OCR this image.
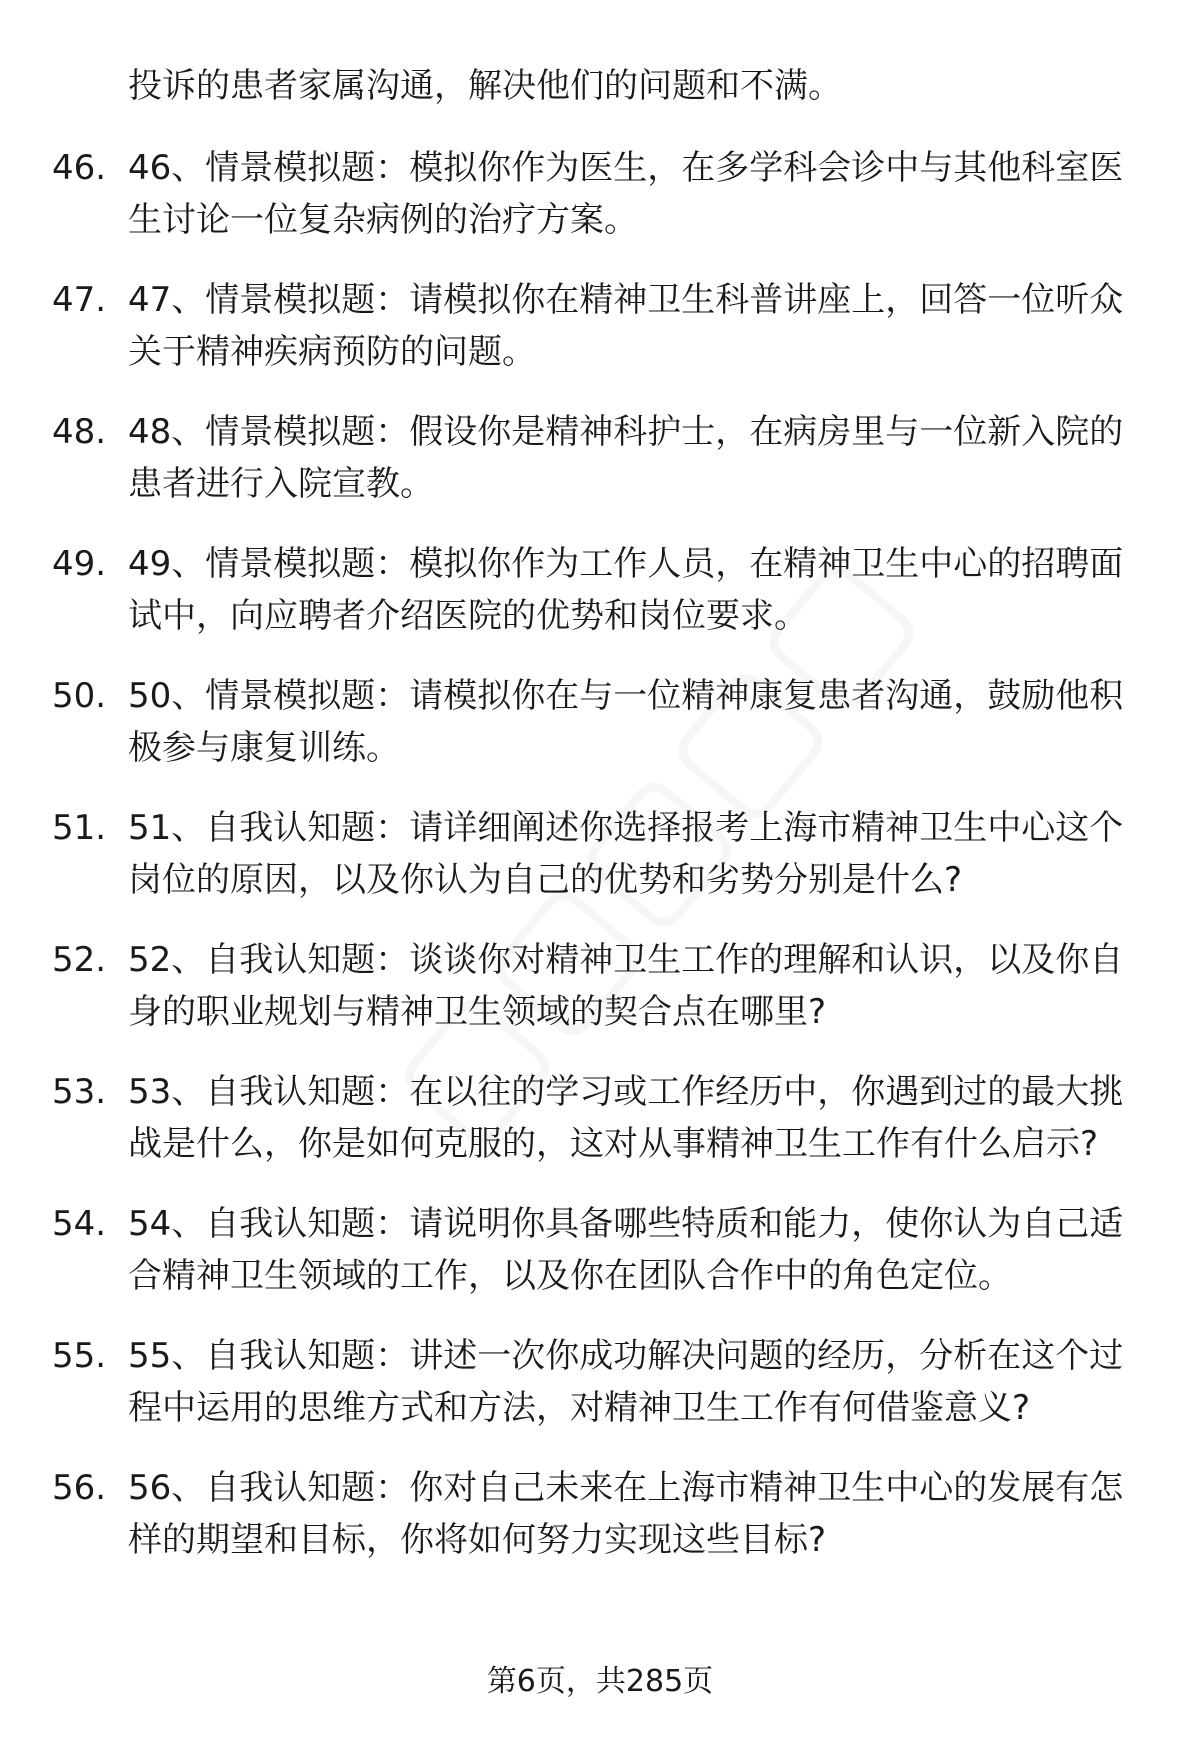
投诉的患者家属沟通，解决他们的问题和不满。
46. 46、情景模拟题：模拟你作为医生，在多学科会诊中与其他科室医生讨论一位复杂病例的治疗方案。
47. 47、情景模拟题：请模拟你在精神卫生科普讲座上，回答一位听众关于精神疾病预防的问题。
48. 48、情景模拟题：假设你是精神科护士，在病房里与一位新入院的患者进行入院宣教。
49. 49、情景模拟题：模拟你作为工作人员，在精神卫生中心的招聘面试中，向应聘者介绍医院的优势和岗位要求。
50. 50、情景模拟题：请模拟你在与一位精神康复患者沟通，鼓励他积极参与康复训练。
51. 51、自我认知题：请详细阐述你选择报考上海市精神卫生中心这个岗位的原因，以及你认为自己的优势和劣势分别是什么?
52. 52、自我认知题：谈谈你对精神卫生工作的理解和认识，以及你自身的职业规划与精神卫生领域的契合点在哪里?
53. 53、自我认知题：在以往的学习或工作经历中，你遇到过的最大挑战是什么，你是如何克服的，这对从事精神卫生工作有什么启示?
54. 54、自我认知题：请说明你具备哪些特质和能力，使你认为自己适合精神卫生领域的工作，以及你在团队合作中的角色定位。
55. 55、自我认知题：讲述一次你成功解决问题的经历，分析在这个过程中运用的思维方式和方法，对精神卫生工作有何借鉴意义?
56. 56、自我认知题：你对自己未来在上海市精神卫生中心的发展有怎样的期望和目标，你将如何努力实现这些目标?
第6页，共285页
